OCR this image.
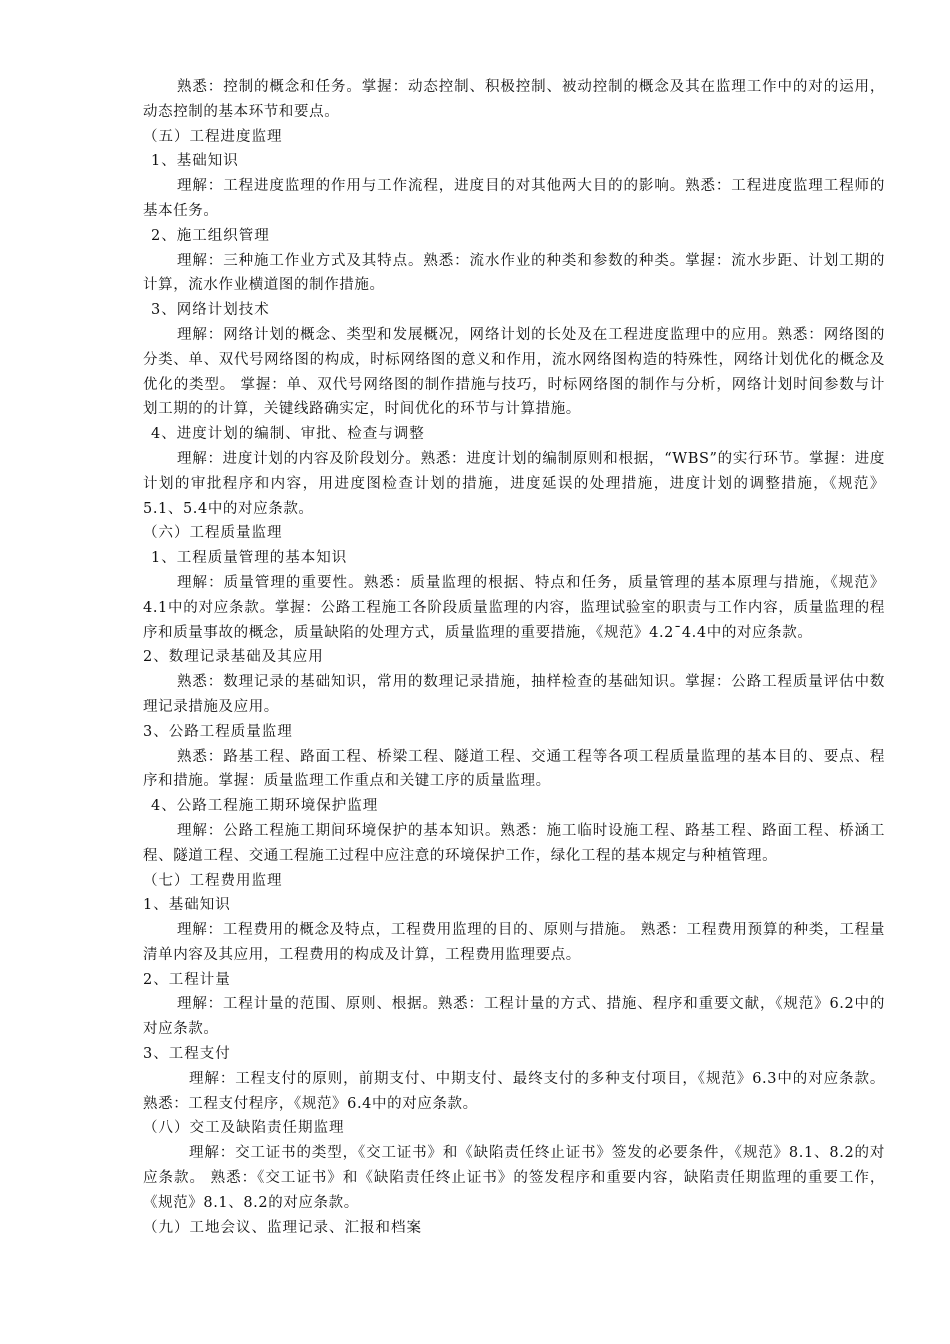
熟悉：控制的概念和任务。掌握：动态控制、积极控制、被动控制的概念及其在监理工作中的对的运用，动态控制的基本环节和要点。
（五）工程进度监理
1、基础知识
理解：工程进度监理的作用与工作流程，进度目的对其他两大目的的影响。熟悉：工程进度监理工程师的基本任务。
2、施工组织管理
理解：三种施工作业方式及其特点。熟悉：流水作业的种类和参数的种类。掌握：流水步距、计划工期的计算，流水作业横道图的制作措施。
3、网络计划技术
理解：网络计划的概念、类型和发展概况，网络计划的长处及在工程进度监理中的应用。熟悉：网络图的分类、单、双代号网络图的构成，时标网络图的意义和作用，流水网络图构造的特殊性，网络计划优化的概念及优化的类型。 掌握：单、双代号网络图的制作措施与技巧，时标网络图的制作与分析，网络计划时间参数与计划工期的的计算，关键线路确实定，时间优化的环节与计算措施。
4、进度计划的编制、审批、检查与调整
理解：进度计划的内容及阶段划分。熟悉：进度计划的编制原则和根据，“WBS”的实行环节。掌握：进度计划的审批程序和内容，用进度图检查计划的措施，进度延误的处理措施，进度计划的调整措施，《规范》5.1、5.4中的对应条款。
（六）工程质量监理
1、工程质量管理的基本知识
理解：质量管理的重要性。熟悉：质量监理的根据、特点和任务，质量管理的基本原理与措施，《规范》4.1中的对应条款。掌握：公路工程施工各阶段质量监理的内容，监理试验室的职责与工作内容，质量监理的程序和质量事故的概念，质量缺陷的处理方式，质量监理的重要措施，《规范》4.2¯4.4中的对应条款。
2、数理记录基础及其应用
熟悉：数理记录的基础知识，常用的数理记录措施，抽样检查的基础知识。掌握：公路工程质量评估中数理记录措施及应用。
3、公路工程质量监理
熟悉：路基工程、路面工程、桥梁工程、隧道工程、交通工程等各项工程质量监理的基本目的、要点、程序和措施。掌握：质量监理工作重点和关键工序的质量监理。
4、公路工程施工期环境保护监理
理解：公路工程施工期间环境保护的基本知识。熟悉：施工临时设施工程、路基工程、路面工程、桥涵工程、隧道工程、交通工程施工过程中应注意的环境保护工作，绿化工程的基本规定与种植管理。
（七）工程费用监理
1、基础知识
理解：工程费用的概念及特点，工程费用监理的目的、原则与措施。 熟悉：工程费用预算的种类，工程量清单内容及其应用，工程费用的构成及计算，工程费用监理要点。
2、工程计量
理解：工程计量的范围、原则、根据。熟悉：工程计量的方式、措施、程序和重要文献，《规范》6.2中的对应条款。
3、工程支付
理解：工程支付的原则，前期支付、中期支付、最终支付的多种支付项目，《规范》6.3中的对应条款。熟悉：工程支付程序，《规范》6.4中的对应条款。
（八）交工及缺陷责任期监理
理解：交工证书的类型，《交工证书》和《缺陷责任终止证书》签发的必要条件，《规范》8.1、8.2的对应条款。 熟悉：《交工证书》和《缺陷责任终止证书》的签发程序和重要内容，缺陷责任期监理的重要工作，《规范》8.1、8.2的对应条款。
（九）工地会议、监理记录、汇报和档案
